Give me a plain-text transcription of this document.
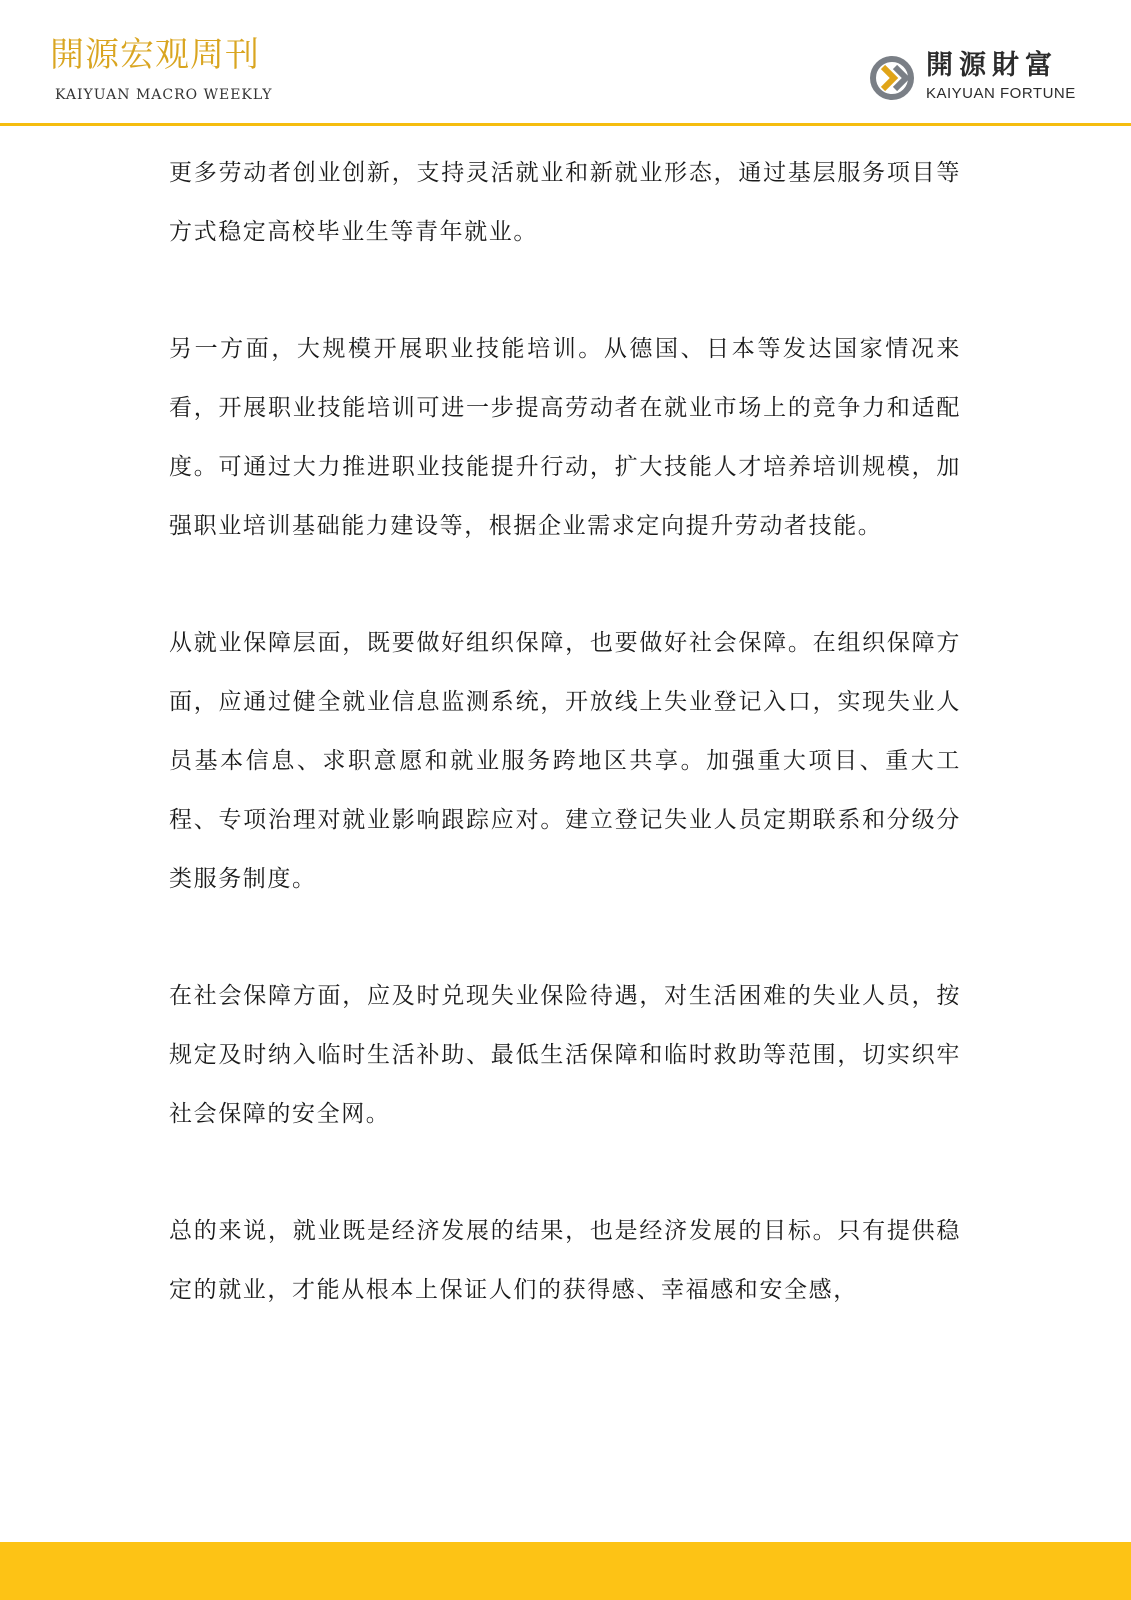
開源宏观周刊
KAIYUAN MACRO WEEKLY
開源財富
KAIYUAN FORTUNE

更多劳动者创业创新，支持灵活就业和新就业形态，通过基层服务项目等方式稳定高校毕业生等青年就业。

另一方面，大规模开展职业技能培训。从德国、日本等发达国家情况来看，开展职业技能培训可进一步提高劳动者在就业市场上的竞争力和适配度。可通过大力推进职业技能提升行动，扩大技能人才培养培训规模，加强职业培训基础能力建设等，根据企业需求定向提升劳动者技能。

从就业保障层面，既要做好组织保障，也要做好社会保障。在组织保障方面，应通过健全就业信息监测系统，开放线上失业登记入口，实现失业人员基本信息、求职意愿和就业服务跨地区共享。加强重大项目、重大工程、专项治理对就业影响跟踪应对。建立登记失业人员定期联系和分级分类服务制度。

在社会保障方面，应及时兑现失业保险待遇，对生活困难的失业人员，按规定及时纳入临时生活补助、最低生活保障和临时救助等范围，切实织牢社会保障的安全网。

总的来说，就业既是经济发展的结果，也是经济发展的目标。只有提供稳定的就业，才能从根本上保证人们的获得感、幸福感和安全感，
